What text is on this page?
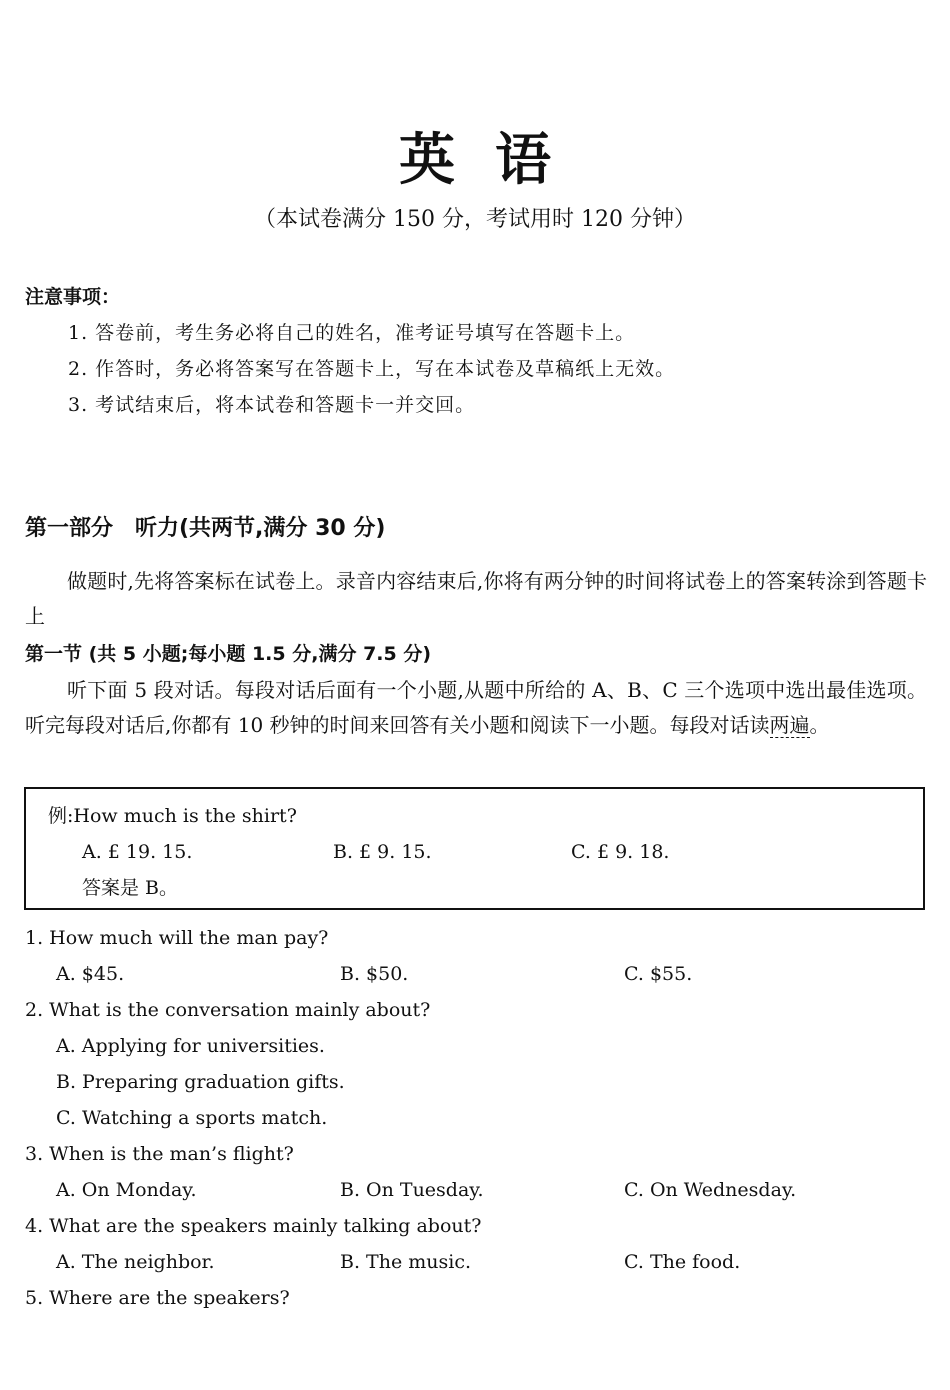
英语
（本试卷满分 150 分，考试用时 120 分钟）
注意事项：
1. 答卷前，考生务必将自己的姓名，准考证号填写在答题卡上。
2. 作答时，务必将答案写在答题卡上，写在本试卷及草稿纸上无效。
3. 考试结束后，将本试卷和答题卡一并交回。
第一部分　听力(共两节,满分 30 分)
做题时,先将答案标在试卷上。录音内容结束后,你将有两分钟的时间将试卷上的答案转涂到答题卡上
第一节 (共 5 小题;每小题 1.5 分,满分 7.5 分)
听下面 5 段对话。每段对话后面有一个小题,从题中所给的 A、B、C 三个选项中选出最佳选项。听完每段对话后,你都有 10 秒钟的时间来回答有关小题和阅读下一小题。每段对话读两遍。
例:How much is the shirt?
A. £ 19. 15.	B. £ 9. 15.	C. £ 9. 18.
答案是 B。
1. How much will the man pay?
A. $45.	B. $50.	C. $55.
2. What is the conversation mainly about?
A. Applying for universities.
B. Preparing graduation gifts.
C. Watching a sports match.
3. When is the man’s flight?
A. On Monday.	B. On Tuesday.	C. On Wednesday.
4. What are the speakers mainly talking about?
A. The neighbor.	B. The music.	C. The food.
5. Where are the speakers?
